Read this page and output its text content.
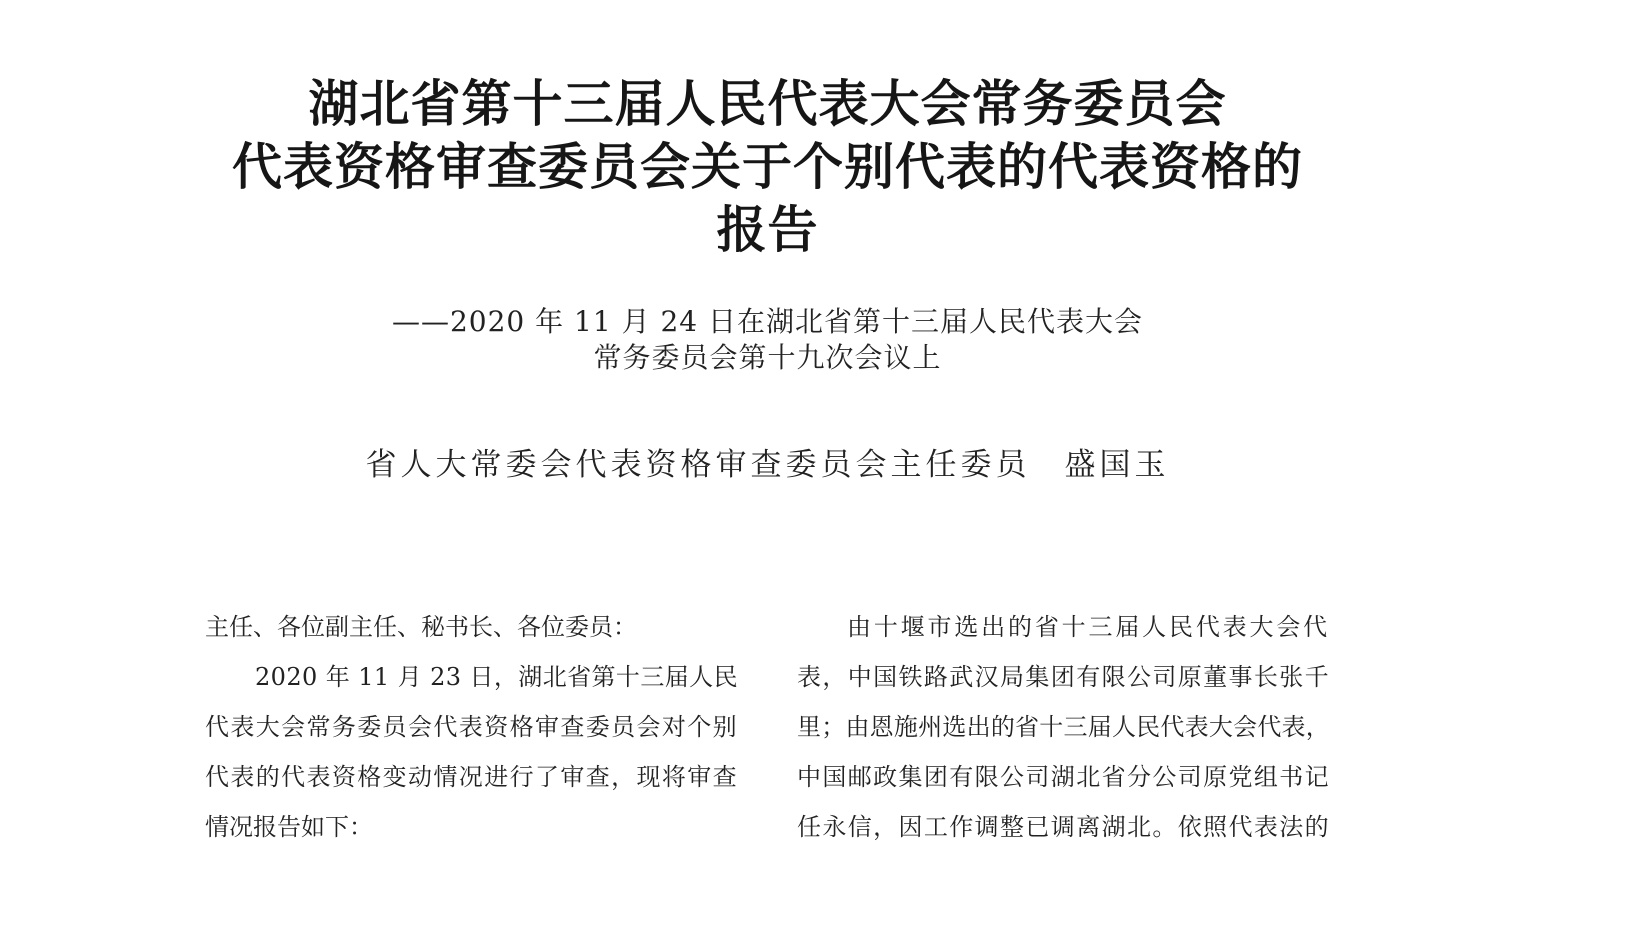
湖北省第十三届人民代表大会常务委员会
代表资格审查委员会关于个别代表的代表资格的
报告
——2020 年 11 月 24 日在湖北省第十三届人民代表大会
常务委员会第十九次会议上
省人大常委会代表资格审查委员会主任委员 盛国玉
主任、各位副主任、秘书长、各位委员：
2020 年 11 月 23 日，湖北省第十三届人民
代表大会常务委员会代表资格审查委员会对个别
代表的代表资格变动情况进行了审查，现将审查
情况报告如下：
由十堰市选出的省十三届人民代表大会代
表，中国铁路武汉局集团有限公司原董事长张千
里；由恩施州选出的省十三届人民代表大会代表，
中国邮政集团有限公司湖北省分公司原党组书记
任永信，因工作调整已调离湖北。依照代表法的
